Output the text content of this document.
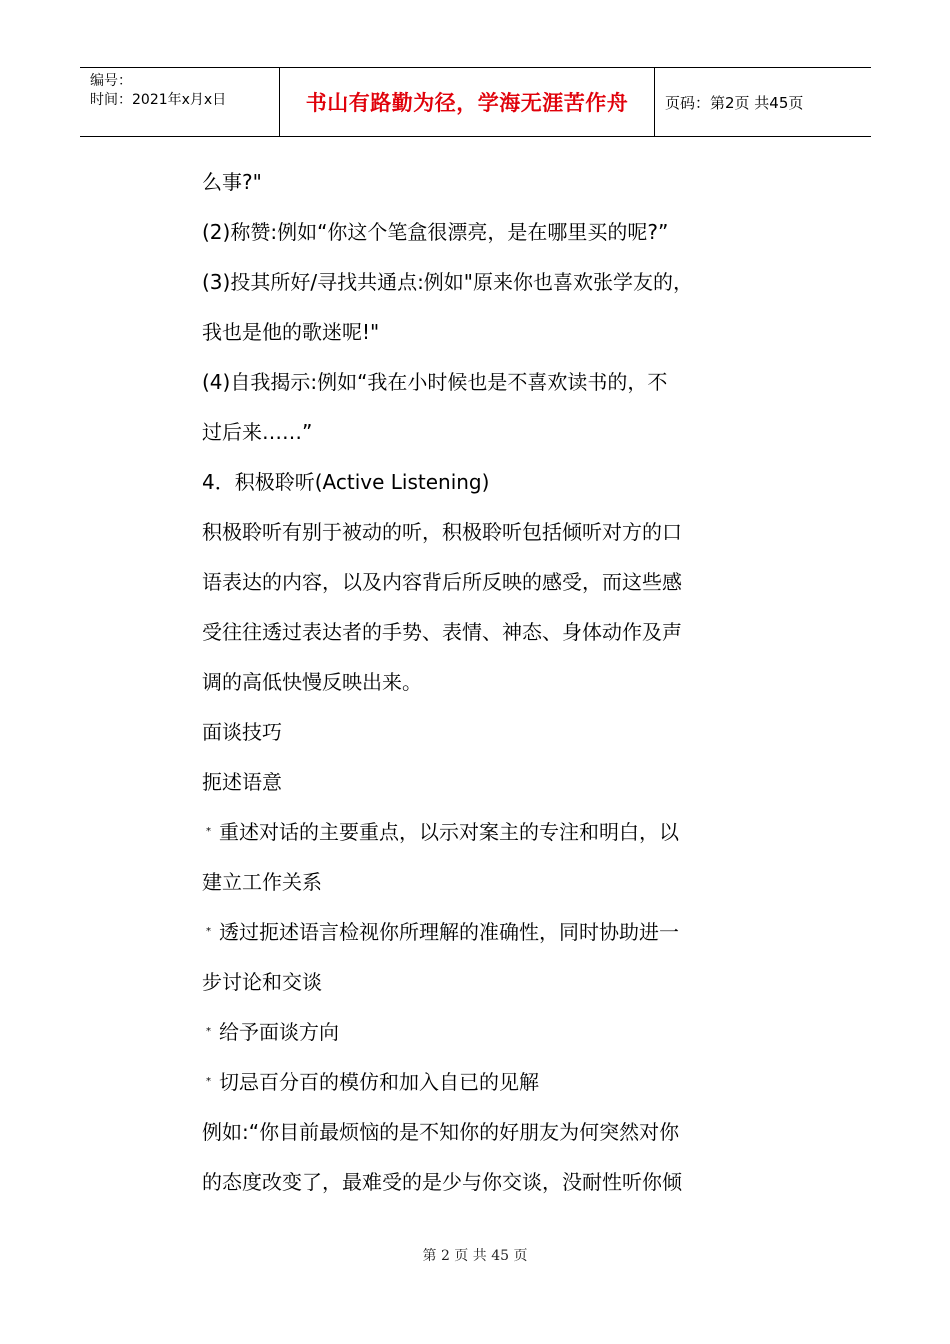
编号：
时间：2021年x月x日	书山有路勤为径，学海无涯苦作舟	页码：第2页 共45页

么事?"

(2)称赞:例如“你这个笔盒很漂亮，是在哪里买的呢?”

(3)投其所好/寻找共通点:例如"原来你也喜欢张学友的，

我也是他的歌迷呢!"

(4)自我揭示:例如“我在小时候也是不喜欢读书的，不

过后来……”

4．积极聆听(Active Listening)

积极聆听有别于被动的听，积极聆听包括倾听对方的口

语表达的内容，以及内容背后所反映的感受，而这些感

受往往透过表达者的手势、表情、神态、身体动作及声

调的高低快慢反映出来。

面谈技巧

扼述语意

* 重述对话的主要重点，以示对案主的专注和明白，以

建立工作关系

* 透过扼述语言检视你所理解的准确性，同时协助进一

步讨论和交谈

* 给予面谈方向

* 切忌百分百的模仿和加入自已的见解

例如:“你目前最烦恼的是不知你的好朋友为何突然对你

的态度改变了，最难受的是少与你交谈，没耐性听你倾

第 2 页 共 45 页
